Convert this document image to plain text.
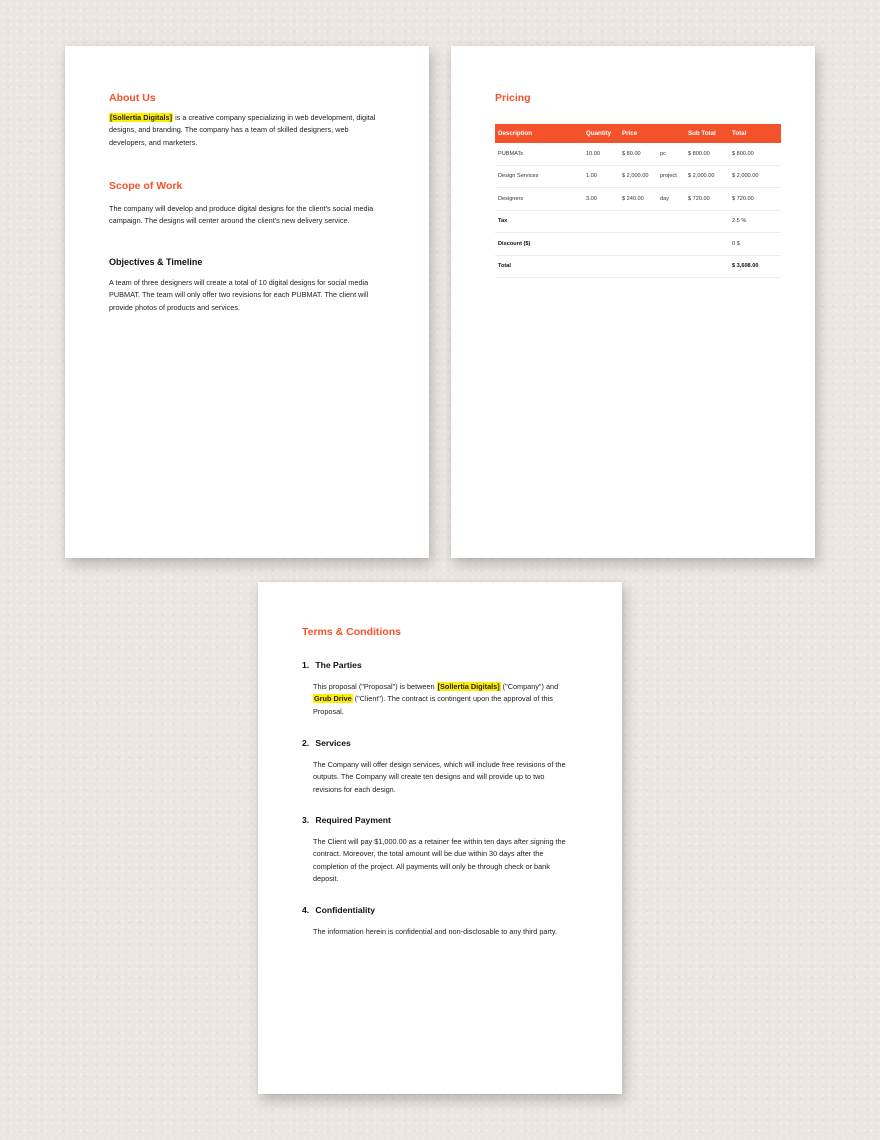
About Us

[Sollertia Digitals] is a creative company specializing in web development, digital designs, and branding. The company has a team of skilled designers, web developers, and marketers.

Scope of Work

The company will develop and produce digital designs for the client's social media campaign. The designs will center around the client's new delivery service.

Objectives & Timeline

A team of three designers will create a total of 10 digital designs for social media PUBMAT. The team will only offer two revisions for each PUBMAT. The client will provide photos of products and services.

Pricing
Description	Quantity	Price		Sub Total	Total
PUBMATs	10.00	$ 80.00	pc	$ 800.00	$ 800.00
Design Services	1.00	$ 2,000.00	project	$ 2,000.00	$ 2,000.00
Designers	3.00	$ 240.00	day	$ 720.00	$ 720.00
Tax					2.5 %
Discount ($)					0 $
Total					$ 3,608.00
Terms & Conditions
1. The Parties

This proposal ("Proposal") is between [Sollertia Digitals] ("Company") and Grub Drive ("Client"). The contract is contingent upon the approval of this Proposal.

2. Services

The Company will offer design services, which will include free revisions of the outputs. The Company will create ten designs and will provide up to two revisions for each design.

3. Required Payment

The Client will pay $1,000.00 as a retainer fee within ten days after signing the contract. Moreover, the total amount will be due within 30 days after the completion of the project. All payments will only be through check or bank deposit.

4. Confidentiality

The information herein is confidential and non-disclosable to any third party.
